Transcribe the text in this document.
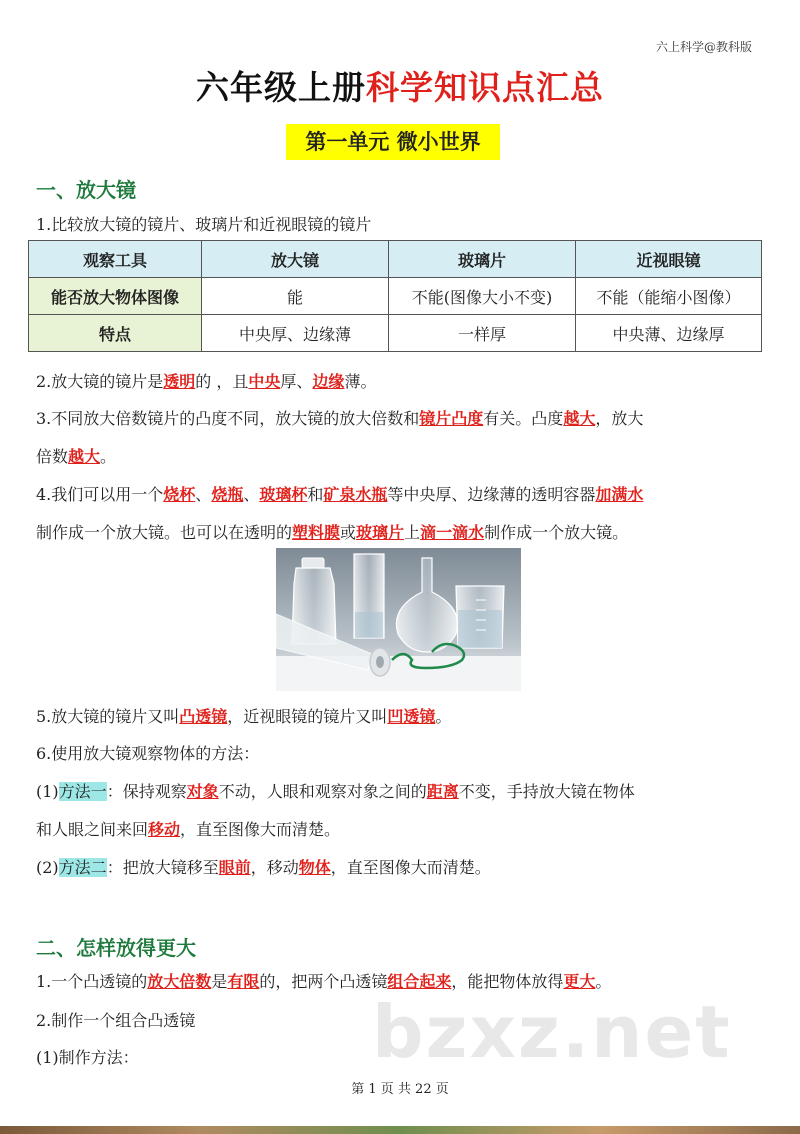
六上科学@教科版
六年级上册科学知识点汇总
第一单元 微小世界
一、放大镜
1.比较放大镜的镜片、玻璃片和近视眼镜的镜片
观察工具	放大镜	玻璃片	近视眼镜
能否放大物体图像	能	不能(图像大小不变)	不能（能缩小图像）
特点	中央厚、边缘薄	一样厚	中央薄、边缘厚
2.放大镜的镜片是透明的 ，且中央厚、边缘薄。
3.不同放大倍数镜片的凸度不同，放大镜的放大倍数和镜片凸度有关。凸度越大，放大
倍数越大。
4.我们可以用一个烧杯、烧瓶、玻璃杯和矿泉水瓶等中央厚、边缘薄的透明容器加满水
制作成一个放大镜。也可以在透明的塑料膜或玻璃片上滴一滴水制作成一个放大镜。
5.放大镜的镜片又叫凸透镜，近视眼镜的镜片又叫凹透镜。
6.使用放大镜观察物体的方法：
(1)方法一：保持观察对象不动，人眼和观察对象之间的距离不变，手持放大镜在物体
和人眼之间来回移动，直至图像大而清楚。
(2)方法二：把放大镜移至眼前，移动物体，直至图像大而清楚。
二、怎样放得更大
1.一个凸透镜的放大倍数是有限的，把两个凸透镜组合起来，能把物体放得更大。
2.制作一个组合凸透镜
(1)制作方法：	bzxz.net
第 1 页 共 22 页
